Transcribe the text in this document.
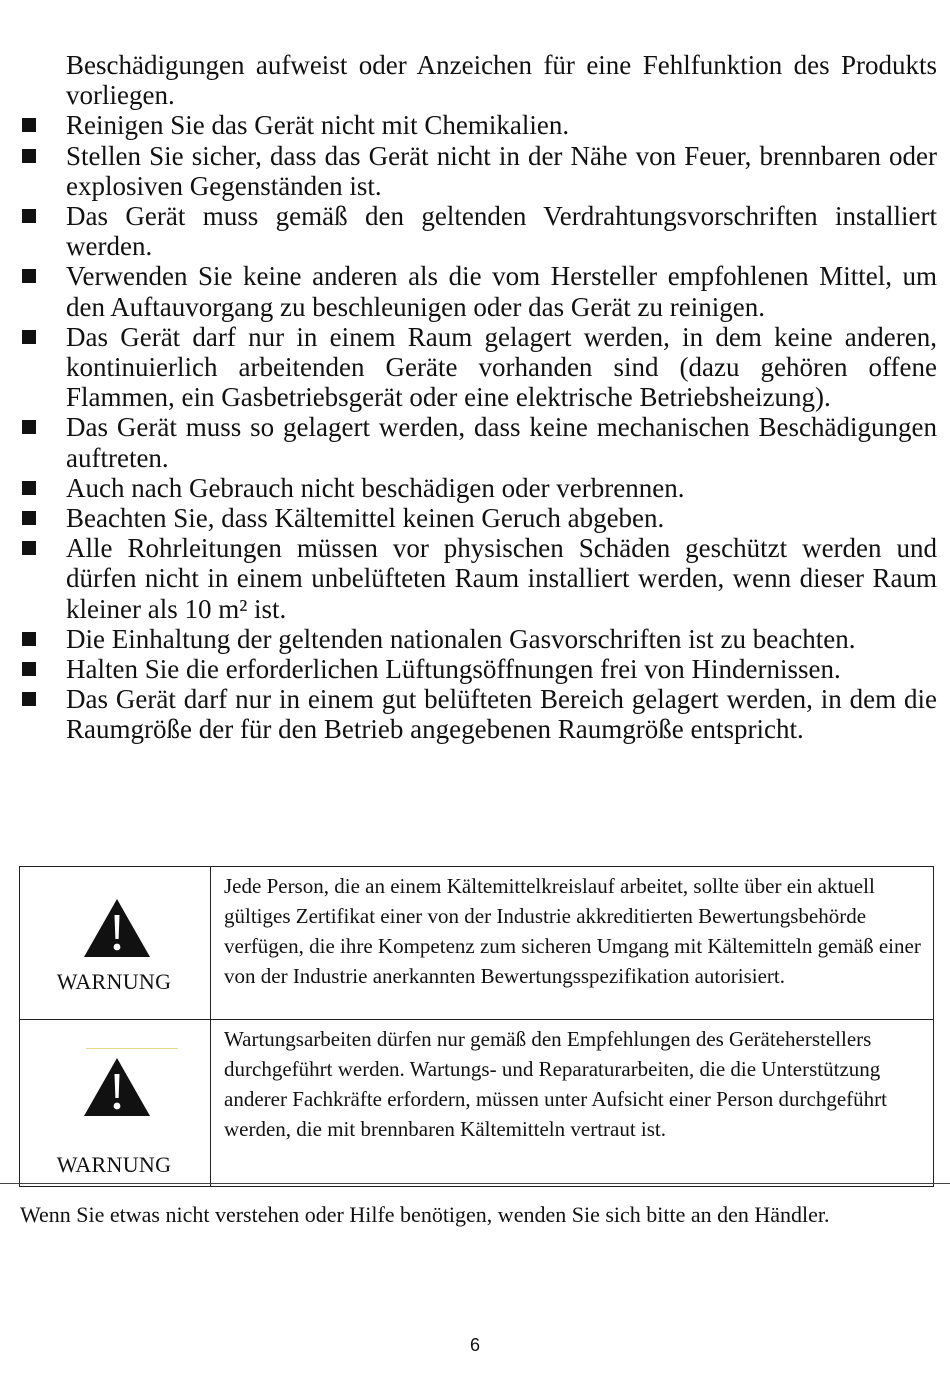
Beschädigungen aufweist oder Anzeichen für eine Fehlfunktion des Produkts vorliegen.

Reinigen Sie das Gerät nicht mit Chemikalien.
Stellen Sie sicher, dass das Gerät nicht in der Nähe von Feuer, brennbaren oder explosiven Gegenständen ist.
Das Gerät muss gemäß den geltenden Verdrahtungsvorschriften installiert werden.
Verwenden Sie keine anderen als die vom Hersteller empfohlenen Mittel, um den Auftauvorgang zu beschleunigen oder das Gerät zu reinigen.
Das Gerät darf nur in einem Raum gelagert werden, in dem keine anderen, kontinuierlich arbeitenden Geräte vorhanden sind (dazu gehören offene Flammen, ein Gasbetriebsgerät oder eine elektrische Betriebsheizung).
Das Gerät muss so gelagert werden, dass keine mechanischen Beschädigungen auftreten.
Auch nach Gebrauch nicht beschädigen oder verbrennen.
Beachten Sie, dass Kältemittel keinen Geruch abgeben.
Alle Rohrleitungen müssen vor physischen Schäden geschützt werden und dürfen nicht in einem unbelüfteten Raum installiert werden, wenn dieser Raum kleiner als 10 m² ist.
Die Einhaltung der geltenden nationalen Gasvorschriften ist zu beachten.
Halten Sie die erforderlichen Lüftungsöffnungen frei von Hindernissen.
Das Gerät darf nur in einem gut belüfteten Bereich gelagert werden, in dem die Raumgröße der für den Betrieb angegebenen Raumgröße entspricht.
WARNUNG	Jede Person, die an einem Kältemittelkreislauf arbeitet, sollte über ein aktuell gültiges Zertifikat einer von der Industrie akkreditierten Bewertungsbehörde verfügen, die ihre Kompetenz zum sicheren Umgang mit Kältemitteln gemäß einer von der Industrie anerkannten Bewertungsspezifikation autorisiert.

WARNUNG	Wartungsarbeiten dürfen nur gemäß den Empfehlungen des Geräteherstellers durchgeführt werden. Wartungs- und Reparaturarbeiten, die die Unterstützung anderer Fachkräfte erfordern, müssen unter Aufsicht einer Person durchgeführt werden, die mit brennbaren Kältemitteln vertraut ist.

Wenn Sie etwas nicht verstehen oder Hilfe benötigen, wenden Sie sich bitte an den Händler.

6
